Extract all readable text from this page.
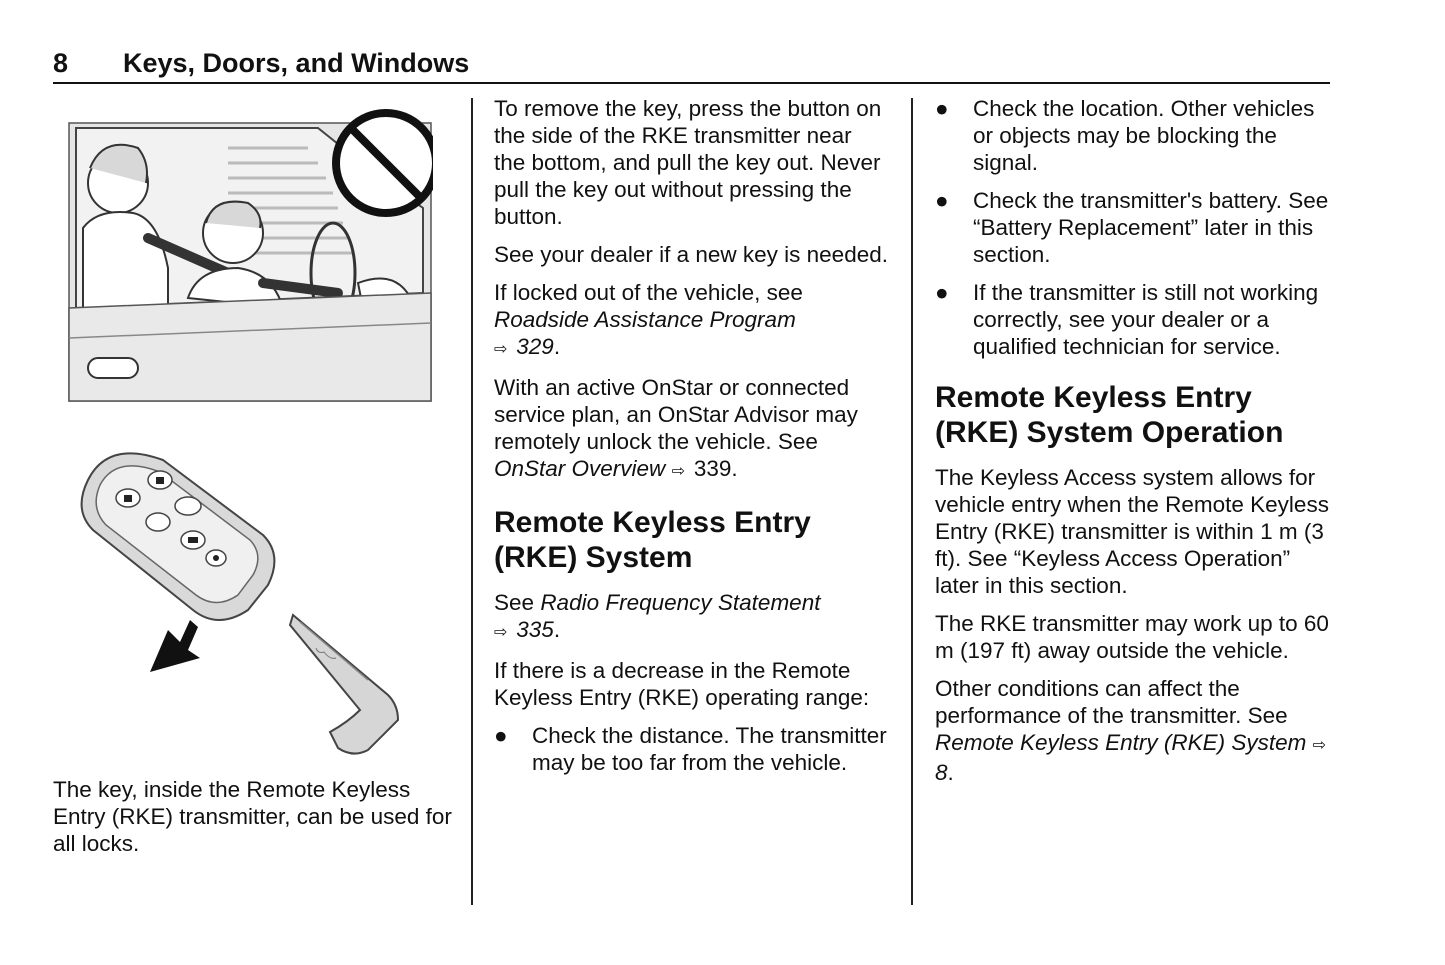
8 Keys, Doors, and Windows
The key, inside the Remote Keyless Entry (RKE) transmitter, can be used for all locks.

To remove the key, press the button on the side of the RKE transmitter near the bottom, and pull the key out. Never pull the key out without pressing the button.

See your dealer if a new key is needed.

If locked out of the vehicle, see Roadside Assistance Program
⇨ 329.

With an active OnStar or connected service plan, an OnStar Advisor may remotely unlock the vehicle. See OnStar Overview ⇨ 339.

Remote Keyless Entry (RKE) System

See Radio Frequency Statement
⇨ 335.

If there is a decrease in the Remote Keyless Entry (RKE) operating range:

● Check the distance. The transmitter may be too far from the vehicle.
● Check the location. Other vehicles or objects may be blocking the signal.
● Check the transmitter's battery. See “Battery Replacement” later in this section.
● If the transmitter is still not working correctly, see your dealer or a qualified technician for service.
Remote Keyless Entry (RKE) System Operation

The Keyless Access system allows for vehicle entry when the Remote Keyless Entry (RKE) transmitter is within 1 m (3 ft). See “Keyless Access Operation” later in this section.

The RKE transmitter may work up to 60 m (197 ft) away outside the vehicle.

Other conditions can affect the performance of the transmitter. See
Remote Keyless Entry (RKE) System ⇨ 8.
